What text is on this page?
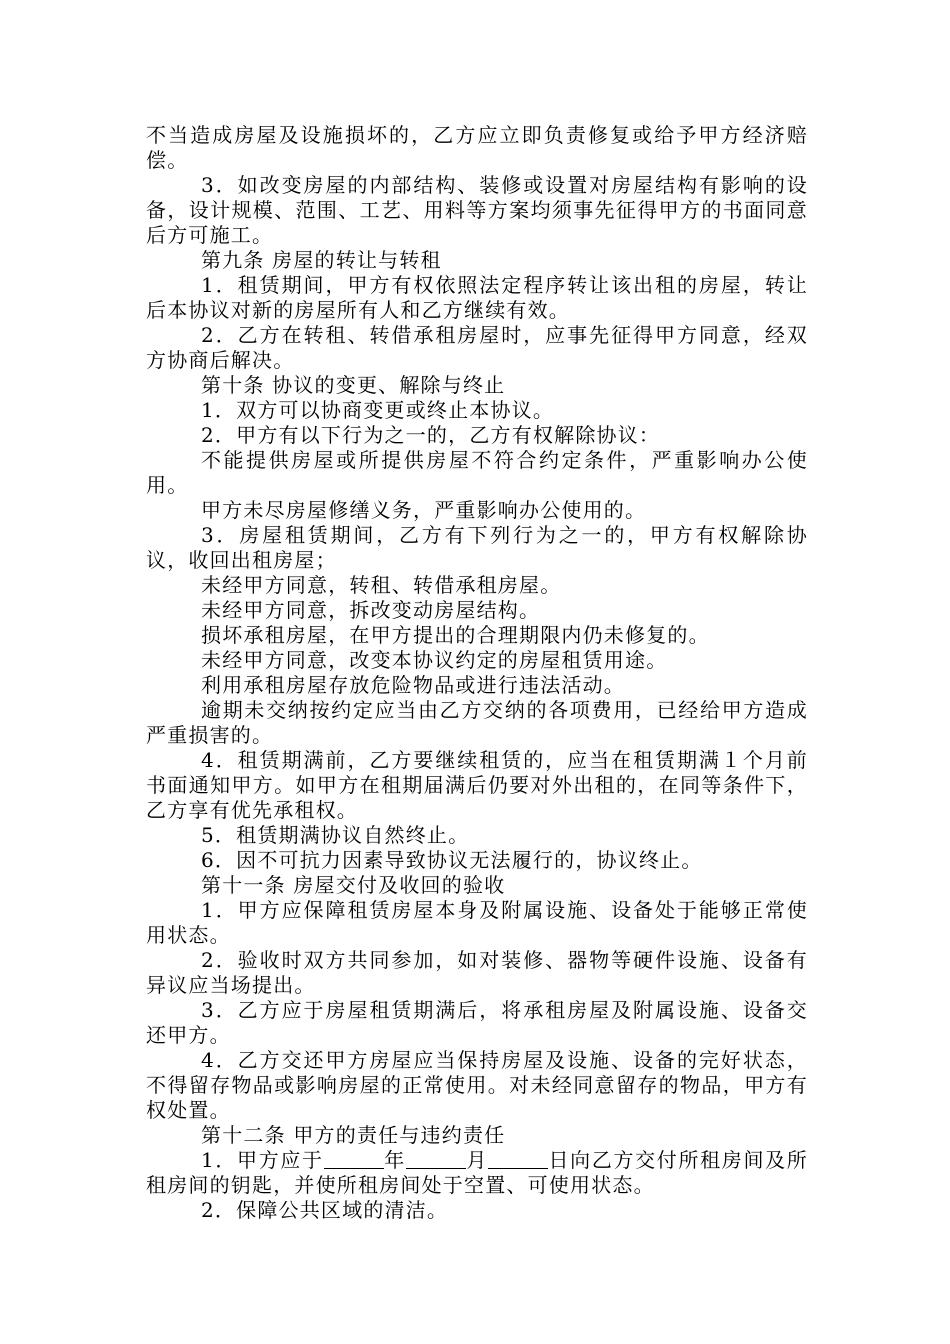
不当造成房屋及设施损坏的，乙方应立即负责修复或给予甲方经济赔偿。

3．如改变房屋的内部结构、装修或设置对房屋结构有影响的设备，设计规模、范围、工艺、用料等方案均须事先征得甲方的书面同意后方可施工。

第九条 房屋的转让与转租

1．租赁期间，甲方有权依照法定程序转让该出租的房屋，转让后本协议对新的房屋所有人和乙方继续有效。

2．乙方在转租、转借承租房屋时，应事先征得甲方同意，经双方协商后解决。

第十条 协议的变更、解除与终止

1．双方可以协商变更或终止本协议。

2．甲方有以下行为之一的，乙方有权解除协议：

不能提供房屋或所提供房屋不符合约定条件，严重影响办公使用。

甲方未尽房屋修缮义务，严重影响办公使用的。

3．房屋租赁期间，乙方有下列行为之一的，甲方有权解除协议，收回出租房屋；

未经甲方同意，转租、转借承租房屋。

未经甲方同意，拆改变动房屋结构。

损坏承租房屋，在甲方提出的合理期限内仍未修复的。

未经甲方同意，改变本协议约定的房屋租赁用途。

利用承租房屋存放危险物品或进行违法活动。

逾期未交纳按约定应当由乙方交纳的各项费用，已经给甲方造成严重损害的。

4．租赁期满前，乙方要继续租赁的，应当在租赁期满１个月前书面通知甲方。如甲方在租期届满后仍要对外出租的，在同等条件下，乙方享有优先承租权。

5．租赁期满协议自然终止。

6．因不可抗力因素导致协议无法履行的，协议终止。

第十一条 房屋交付及收回的验收

1．甲方应保障租赁房屋本身及附属设施、设备处于能够正常使用状态。

2．验收时双方共同参加，如对装修、器物等硬件设施、设备有异议应当场提出。

3．乙方应于房屋租赁期满后，将承租房屋及附属设施、设备交还甲方。

4．乙方交还甲方房屋应当保持房屋及设施、设备的完好状态，不得留存物品或影响房屋的正常使用。对未经同意留存的物品，甲方有权处置。

第十二条 甲方的责任与违约责任

1．甲方应于	年	月	日向乙方交付所租房间及所租房间的钥匙，并使所租房间处于空置、可使用状态。

2．保障公共区域的清洁。
